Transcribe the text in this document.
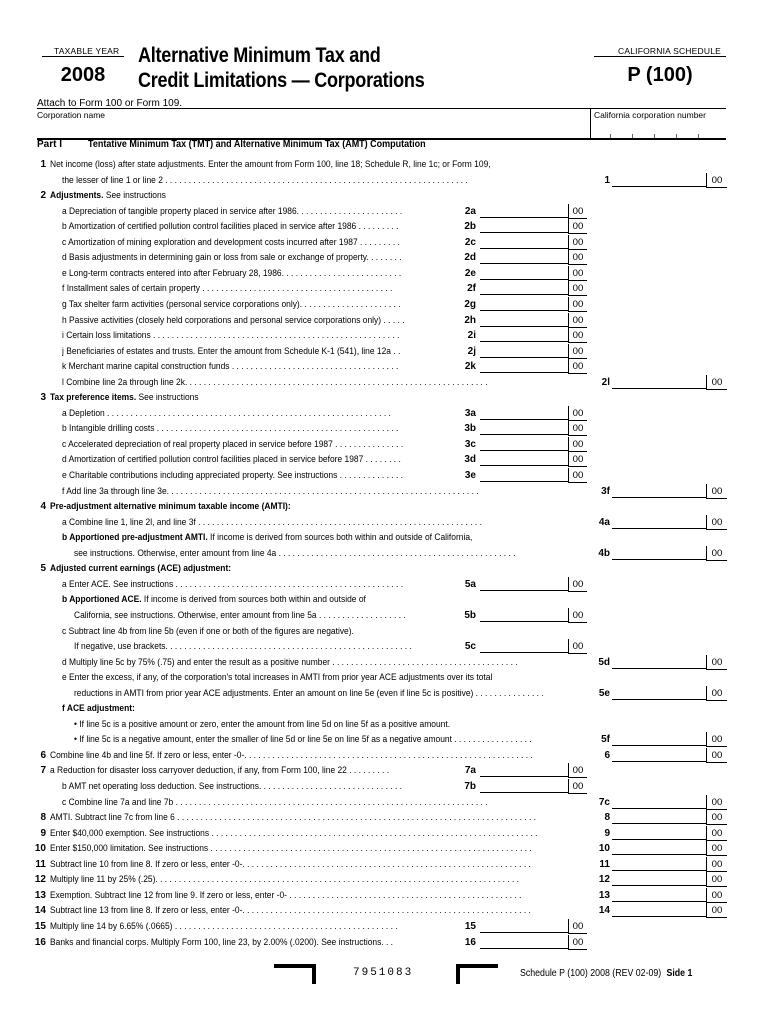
TAXABLE YEAR
2008
Alternative Minimum Tax and
Credit Limitations — Corporations
CALIFORNIA SCHEDULE
P (100)
Attach to Form 100 or Form 109.
Corporation name	California corporation number
Part I	Tentative Minimum Tax (TMT) and Alternative Minimum Tax (AMT) Computation
1 Net income (loss) after state adjustments. Enter the amount from Form 100, line 18; Schedule R, line 1c; or Form 109,
the lesser of line 1 or line 2 . . . . . . . . . . . . . . . . . . . . . . . . . . . . . . . . . . . . . . . . . . . . . . . . . . . . . . . . . . . . . . . . .	1	00
2 Adjustments. See instructions
a Depreciation of tangible property placed in service after 1986. . . . . . . . . . . . . . . . . . . . . . .	2a	00
b Amortization of certified pollution control facilities placed in service after 1986 . . . . . . . . .	2b	00
c Amortization of mining exploration and development costs incurred after 1987 . . . . . . . . .	2c	00
d Basis adjustments in determining gain or loss from sale or exchange of property. . . . . . . .	2d	00
e Long-term contracts entered into after February 28, 1986. . . . . . . . . . . . . . . . . . . . . . . . . .	2e	00
f Installment sales of certain property . . . . . . . . . . . . . . . . . . . . . . . . . . . . . . . . . . . . . . . . .	2f	00
g Tax shelter farm activities (personal service corporations only). . . . . . . . . . . . . . . . . . . . . .	2g	00
h Passive activities (closely held corporations and personal service corporations only) . . . . .	2h	00
i Certain loss limitations . . . . . . . . . . . . . . . . . . . . . . . . . . . . . . . . . . . . . . . . . . . . . . . . . . . . .	2i	00
j Beneficiaries of estates and trusts. Enter the amount from Schedule K-1 (541), line 12a . .	2j	00
k Merchant marine capital construction funds . . . . . . . . . . . . . . . . . . . . . . . . . . . . . . . . . . . .	2k	00
l Combine line 2a through line 2k. . . . . . . . . . . . . . . . . . . . . . . . . . . . . . . . . . . . . . . . . . . . . . . . . . . . . . . . . . . . . . . . .	2l	00
3 Tax preference items. See instructions
a Depletion . . . . . . . . . . . . . . . . . . . . . . . . . . . . . . . . . . . . . . . . . . . . . . . . . . . . . . . . . . . . .	3a	00
b Intangible drilling costs . . . . . . . . . . . . . . . . . . . . . . . . . . . . . . . . . . . . . . . . . . . . . . . . . . . .	3b	00
c Accelerated depreciation of real property placed in service before 1987 . . . . . . . . . . . . . . .	3c	00
d Amortization of certified pollution control facilities placed in service before 1987 . . . . . . . .	3d	00
e Charitable contributions including appreciated property. See instructions . . . . . . . . . . . . . .	3e	00
f Add line 3a through line 3e. . . . . . . . . . . . . . . . . . . . . . . . . . . . . . . . . . . . . . . . . . . . . . . . . . . . . . . . . . . . . . . . . . .	3f	00
4 Pre-adjustment alternative minimum taxable income (AMTI):
a Combine line 1, line 2l, and line 3f . . . . . . . . . . . . . . . . . . . . . . . . . . . . . . . . . . . . . . . . . . . . . . . . . . . . . . . . . . . . .	4a	00
b Apportioned pre-adjustment AMTI. If income is derived from sources both within and outside of California,
see instructions. Otherwise, enter amount from line 4a . . . . . . . . . . . . . . . . . . . . . . . . . . . . . . . . . . . . . . . . . . . . . . . . . . .	4b	00
5 Adjusted current earnings (ACE) adjustment:
a Enter ACE. See instructions . . . . . . . . . . . . . . . . . . . . . . . . . . . . . . . . . . . . . . . . . . . . . . . . .	5a	00
b Apportioned ACE. If income is derived from sources both within and outside of
California, see instructions. Otherwise, enter amount from line 5a . . . . . . . . . . . . . . . . . . .	5b	00
c Subtract line 4b from line 5b (even if one or both of the figures are negative).
If negative, use brackets. . . . . . . . . . . . . . . . . . . . . . . . . . . . . . . . . . . . . . . . . . . . . . . . . . . . .	5c	00
d Multiply line 5c by 75% (.75) and enter the result as a positive number . . . . . . . . . . . . . . . . . . . . . . . . . . . . . . . . . . . . . . . .	5d	00
e Enter the excess, if any, of the corporation's total increases in AMTI from prior year ACE adjustments over its total
reductions in AMTI from prior year ACE adjustments. Enter an amount on line 5e (even if line 5c is positive) . . . . . . . . . . . . . . .	5e	00
f ACE adjustment:
• If line 5c is a positive amount or zero, enter the amount from line 5d on line 5f as a positive amount.
• If line 5c is a negative amount, enter the smaller of line 5d or line 5e on line 5f as a negative amount . . . . . . . . . . . . . . . . .	5f	00
6 Combine line 4b and line 5f. If zero or less, enter -0-. . . . . . . . . . . . . . . . . . . . . . . . . . . . . . . . . . . . . . . . . . . . . . . . . . . . . . . . . . . . . .	6	00
7 a Reduction for disaster loss carryover deduction, if any, from Form 100, line 22 . . . . . . . . .	7a	00
b AMT net operating loss deduction. See instructions. . . . . . . . . . . . . . . . . . . . . . . . . . . . . . .	7b	00
c Combine line 7a and line 7b . . . . . . . . . . . . . . . . . . . . . . . . . . . . . . . . . . . . . . . . . . . . . . . . . . . . . . . . . . . . . . . . . . .	7c	00
8 AMTI. Subtract line 7c from line 6 . . . . . . . . . . . . . . . . . . . . . . . . . . . . . . . . . . . . . . . . . . . . . . . . . . . . . . . . . . . . . . . . . . . . . . . . . . . . .	8	00
9 Enter $40,000 exemption. See instructions . . . . . . . . . . . . . . . . . . . . . . . . . . . . . . . . . . . . . . . . . . . . . . . . . . . . . . . . . . . . . . . . . . . . . .	9	00
10 Enter $150,000 limitation. See instructions . . . . . . . . . . . . . . . . . . . . . . . . . . . . . . . . . . . . . . . . . . . . . . . . . . . . . . . . . . . . . . . . . . . . .	10	00
11 Subtract line 10 from line 8. If zero or less, enter -0-. . . . . . . . . . . . . . . . . . . . . . . . . . . . . . . . . . . . . . . . . . . . . . . . . . . . . . . . . . . . . .	11	00
12 Multiply line 11 by 25% (.25). . . . . . . . . . . . . . . . . . . . . . . . . . . . . . . . . . . . . . . . . . . . . . . . . . . . . . . . . . . . . . . . . . . . . . . . . . . . . .	12	00
13 Exemption. Subtract line 12 from line 9. If zero or less, enter -0- . . . . . . . . . . . . . . . . . . . . . . . . . . . . . . . . . . . . . . . . . . . . . . . . . .	13	00
14 Subtract line 13 from line 8. If zero or less, enter -0-. . . . . . . . . . . . . . . . . . . . . . . . . . . . . . . . . . . . . . . . . . . . . . . . . . . . . . . . . . . . . .	14	00
15 Multiply line 14 by 6.65% (.0665) . . . . . . . . . . . . . . . . . . . . . . . . . . . . . . . . . . . . . . . . . . . . . . . .	15	00
16 Banks and financial corps. Multiply Form 100, line 23, by 2.00% (.0200). See instructions. . .	16	00
7951083	Schedule P (100) 2008 (REV 02-09) Side 1
